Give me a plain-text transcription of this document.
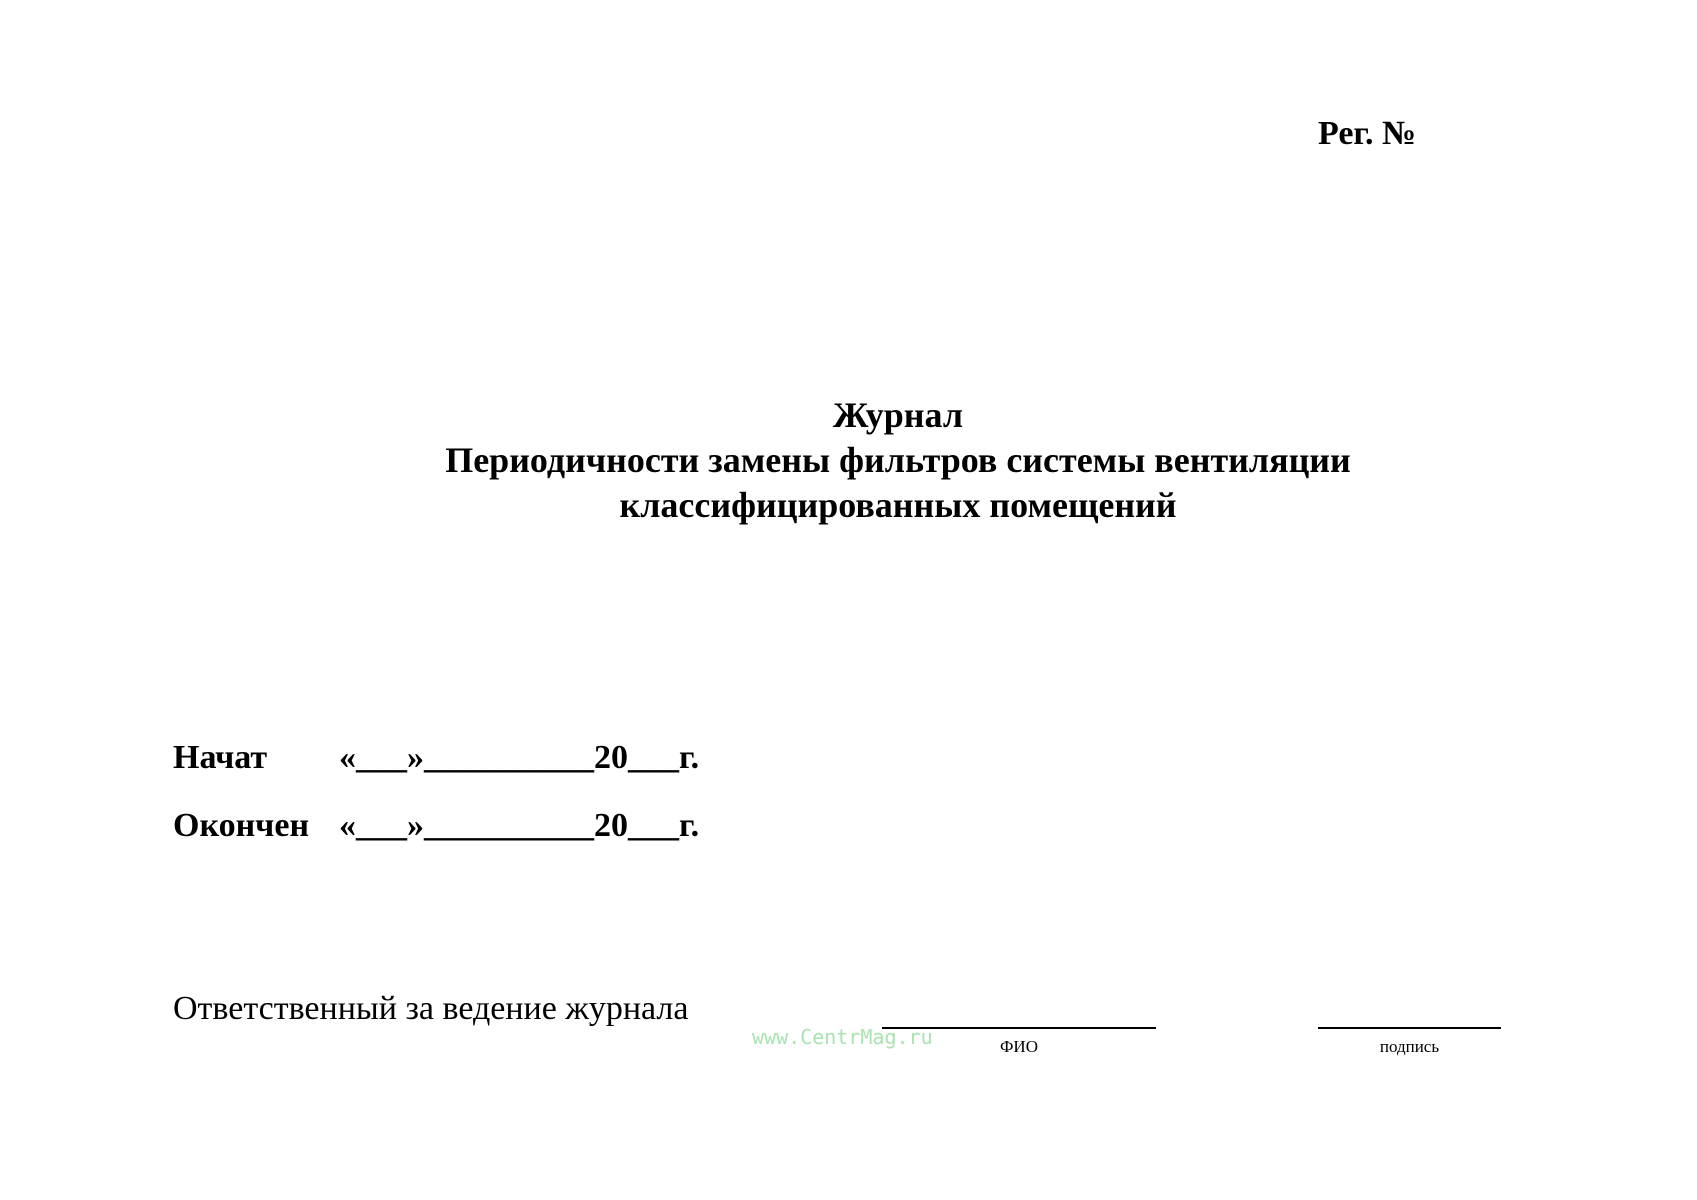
Рег. №
Журнал
Периодичности замены фильтров системы вентиляции
классифицированных помещений
Начат «___»__________20___г.
Окончен «___»__________20___г.
Ответственный за ведение журнала
ФИО	подпись
www.CentrMag.ru
